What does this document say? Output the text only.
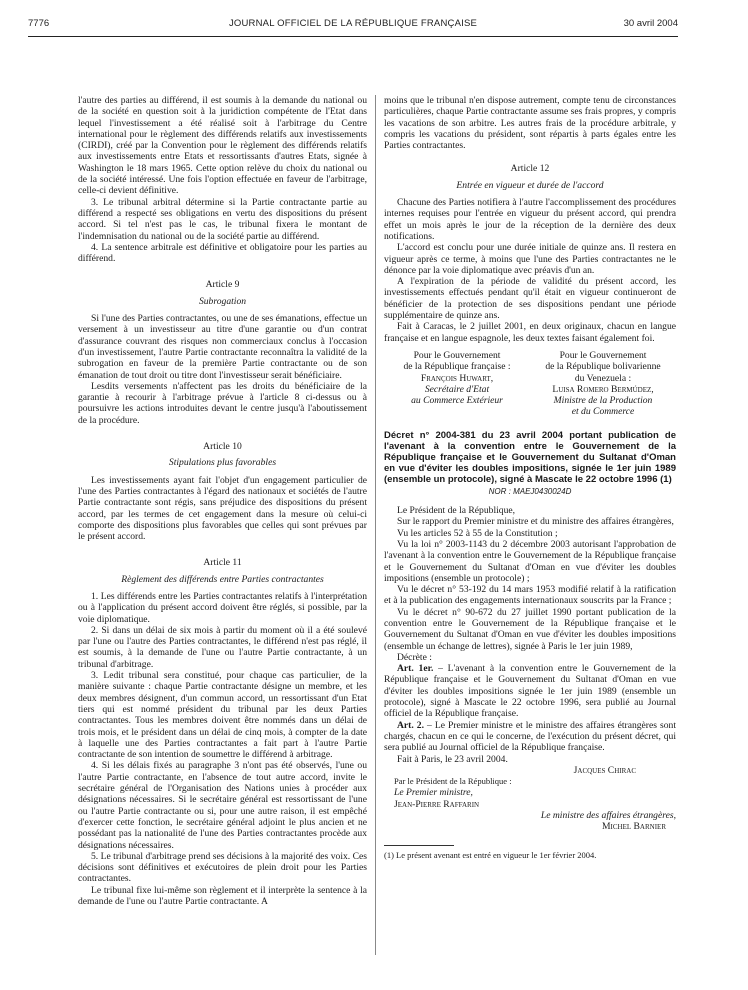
7776	JOURNAL OFFICIEL DE LA RÉPUBLIQUE FRANÇAISE	30 avril 2004

l'autre des parties au différend, il est soumis à la demande du national ou de la société en question soit à la juridiction compétente de l'Etat dans lequel l'investissement a été réalisé soit à l'arbitrage du Centre international pour le règlement des différends relatifs aux investissements (CIRDI), créé par la Convention pour le règlement des différends relatifs aux investissements entre Etats et ressortissants d'autres Etats, signée à Washington le 18 mars 1965. Cette option relève du choix du national ou de la société intéressé. Une fois l'option effectuée en faveur de l'arbitrage, celle-ci devient définitive.

3. Le tribunal arbitral détermine si la Partie contractante partie au différend a respecté ses obligations en vertu des dispositions du présent accord. Si tel n'est pas le cas, le tribunal fixera le montant de l'indemnisation du national ou de la société partie au différend.

4. La sentence arbitrale est définitive et obligatoire pour les parties au différend.

Article 9
Subrogation

Si l'une des Parties contractantes, ou une de ses émanations, effectue un versement à un investisseur au titre d'une garantie ou d'un contrat d'assurance couvrant des risques non commerciaux conclus à l'occasion d'un investissement, l'autre Partie contractante reconnaîtra la validité de la subrogation en faveur de la première Partie contractante ou de son émanation de tout droit ou titre dont l'investisseur serait bénéficiaire.

Lesdits versements n'affectent pas les droits du bénéficiaire de la garantie à recourir à l'arbitrage prévue à l'article 8 ci-dessus ou à poursuivre les actions introduites devant le centre jusqu'à l'aboutissement de la procédure.

Article 10
Stipulations plus favorables

Les investissements ayant fait l'objet d'un engagement particulier de l'une des Parties contractantes à l'égard des nationaux et sociétés de l'autre Partie contractante sont régis, sans préjudice des dispositions du présent accord, par les termes de cet engagement dans la mesure où celui-ci comporte des dispositions plus favorables que celles qui sont prévues par le présent accord.

Article 11
Règlement des différends entre Parties contractantes

1. Les différends entre les Parties contractantes relatifs à l'interprétation ou à l'application du présent accord doivent être réglés, si possible, par la voie diplomatique.

2. Si dans un délai de six mois à partir du moment où il a été soulevé par l'une ou l'autre des Parties contractantes, le différend n'est pas réglé, il est soumis, à la demande de l'une ou l'autre Partie contractante, à un tribunal d'arbitrage.

3. Ledit tribunal sera constitué, pour chaque cas particulier, de la manière suivante : chaque Partie contractante désigne un membre, et les deux membres désignent, d'un commun accord, un ressortissant d'un Etat tiers qui est nommé président du tribunal par les deux Parties contractantes. Tous les membres doivent être nommés dans un délai de trois mois, et le président dans un délai de cinq mois, à compter de la date à laquelle une des Parties contractantes a fait part à l'autre Partie contractante de son intention de soumettre le différend à arbitrage.

4. Si les délais fixés au paragraphe 3 n'ont pas été observés, l'une ou l'autre Partie contractante, en l'absence de tout autre accord, invite le secrétaire général de l'Organisation des Nations unies à procéder aux désignations nécessaires. Si le secrétaire général est ressortissant de l'une ou l'autre Partie contractante ou si, pour une autre raison, il est empêché d'exercer cette fonction, le secrétaire général adjoint le plus ancien et ne possédant pas la nationalité de l'une des Parties contractantes procède aux désignations nécessaires.

5. Le tribunal d'arbitrage prend ses décisions à la majorité des voix. Ces décisions sont définitives et exécutoires de plein droit pour les Parties contractantes.

Le tribunal fixe lui-même son règlement et il interprète la sentence à la demande de l'une ou l'autre Partie contractante. A

moins que le tribunal n'en dispose autrement, compte tenu de circonstances particulières, chaque Partie contractante assume ses frais propres, y compris les vacations de son arbitre. Les autres frais de la procédure arbitrale, y compris les vacations du président, sont répartis à parts égales entre les Parties contractantes.

Article 12
Entrée en vigueur et durée de l'accord

Chacune des Parties notifiera à l'autre l'accomplissement des procédures internes requises pour l'entrée en vigueur du présent accord, qui prendra effet un mois après le jour de la réception de la dernière des deux notifications.

L'accord est conclu pour une durée initiale de quinze ans. Il restera en vigueur après ce terme, à moins que l'une des Parties contractantes ne le dénonce par la voie diplomatique avec préavis d'un an.

A l'expiration de la période de validité du présent accord, les investissements effectués pendant qu'il était en vigueur continueront de bénéficier de la protection de ses dispositions pendant une période supplémentaire de quinze ans.

Fait à Caracas, le 2 juillet 2001, en deux originaux, chacun en langue française et en langue espagnole, les deux textes faisant également foi.

Pour le Gouvernement
de la République française :
François Huwart,
Secrétaire d'Etat
au Commerce Extérieur
Pour le Gouvernement
de la République bolivarienne
du Venezuela :
Luisa Romero Bermúdez,
Ministre de la Production
et du Commerce
Décret n° 2004-381 du 23 avril 2004 portant publication de l'avenant à la convention entre le Gouvernement de la République française et le Gouvernement du Sultanat d'Oman en vue d'éviter les doubles impositions, signée le 1er juin 1989 (ensemble un protocole), signé à Mascate le 22 octobre 1996 (1)
NOR : MAEJ0430024D

Le Président de la République,

Sur le rapport du Premier ministre et du ministre des affaires étrangères,

Vu les articles 52 à 55 de la Constitution ;

Vu la loi n° 2003-1143 du 2 décembre 2003 autorisant l'approbation de l'avenant à la convention entre le Gouvernement de la République française et le Gouvernement du Sultanat d'Oman en vue d'éviter les doubles impositions (ensemble un protocole) ;

Vu le décret n° 53-192 du 14 mars 1953 modifié relatif à la ratification et à la publication des engagements internationaux souscrits par la France ;

Vu le décret n° 90-672 du 27 juillet 1990 portant publication de la convention entre le Gouvernement de la République française et le Gouvernement du Sultanat d'Oman en vue d'éviter les doubles impositions (ensemble un échange de lettres), signée à Paris le 1er juin 1989,

Décrète :

Art. 1er. – L'avenant à la convention entre le Gouvernement de la République française et le Gouvernement du Sultanat d'Oman en vue d'éviter les doubles impositions signée le 1er juin 1989 (ensemble un protocole), signé à Mascate le 22 octobre 1996, sera publié au Journal officiel de la République française.

Art. 2. – Le Premier ministre et le ministre des affaires étrangères sont chargés, chacun en ce qui le concerne, de l'exécution du présent décret, qui sera publié au Journal officiel de la République française.

Fait à Paris, le 23 avril 2004.

Jacques Chirac
Par le Président de la République :
Le Premier ministre,
Jean-Pierre Raffarin
Le ministre des affaires étrangères,
Michel Barnier
(1) Le présent avenant est entré en vigueur le 1er février 2004.
